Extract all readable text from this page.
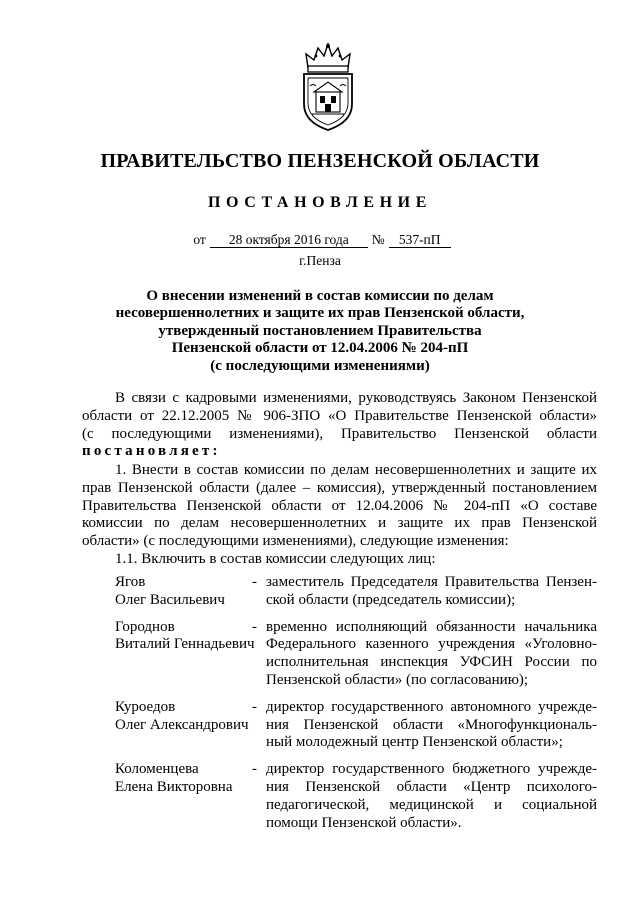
ПРАВИТЕЛЬСТВО ПЕНЗЕНСКОЙ ОБЛАСТИ
ПОСТАНОВЛЕНИЕ
от 28 октября 2016 года № 537-пП
г.Пенза
О внесении изменений в состав комиссии по делам
несовершеннолетних и защите их прав Пензенской области,
утвержденный постановлением Правительства
Пензенской области от 12.04.2006 № 204-пП
(с последующими изменениями)
В связи с кадровыми изменениями, руководствуясь Законом Пензенской
области от 22.12.2005 № 906-ЗПО «О Правительстве Пензенской области»
(с последующими изменениями), Правительство Пензенской области
постановляет:
1. Внести в состав комиссии по делам несовершеннолетних и защите их
прав Пензенской области (далее – комиссия), утвержденный постановлением
Правительства Пензенской области от 12.04.2006 № 204-пП «О составе
комиссии по делам несовершеннолетних и защите их прав Пензенской
области» (с последующими изменениями), следующие изменения:
1.1. Включить в состав комиссии следующих лиц:
Ягов
Олег Васильевич
- заместитель Председателя Правительства Пензен-
ской области (председатель комиссии);
Городнов
Виталий Геннадьевич
- временно исполняющий обязанности начальника
Федерального казенного учреждения «Уголовно-
исполнительная инспекция УФСИН России по
Пензенской области» (по согласованию);
Куроедов
Олег Александрович
- директор государственного автономного учрежде-
ния Пензенской области «Многофункциональ-
ный молодежный центр Пензенской области»;
Коломенцева
Елена Викторовна
- директор государственного бюджетного учрежде-
ния Пензенской области «Центр психолого-
педагогической, медицинской и социальной
помощи Пензенской области».
